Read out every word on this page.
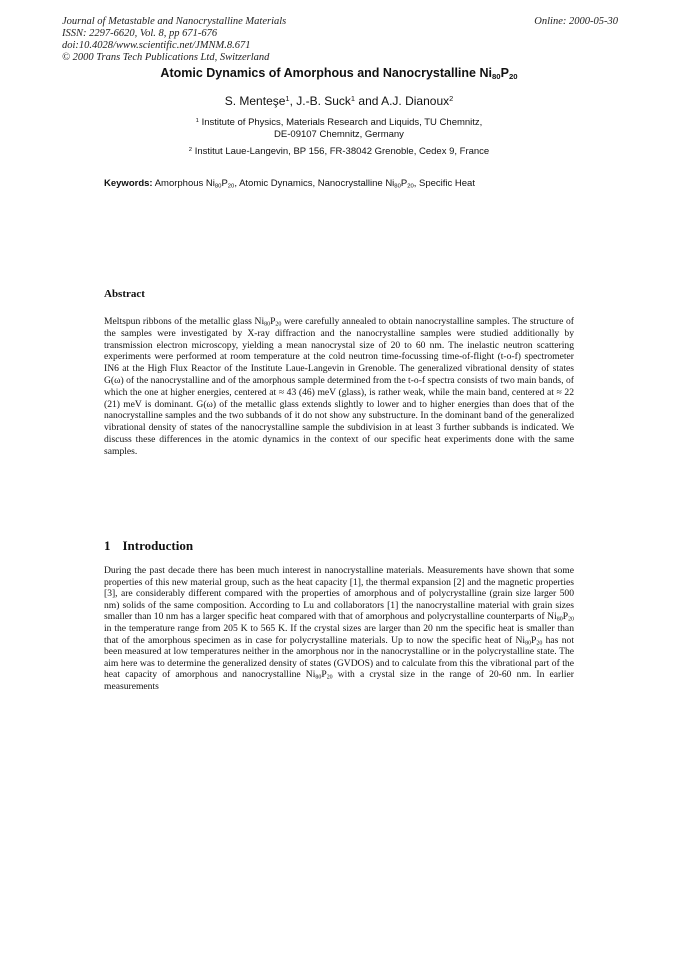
Journal of Metastable and Nanocrystalline Materials
ISSN: 2297-6620, Vol. 8, pp 671-676
doi:10.4028/www.scientific.net/JMNM.8.671
© 2000 Trans Tech Publications Ltd, Switzerland
Online: 2000-05-30
Atomic Dynamics of Amorphous and Nanocrystalline $Ni_{80}P_{20}$
S. Menteşe$^1$, J.-B. Suck$^1$ and A.J. Dianoux$^2$
$^1$ Institute of Physics, Materials Research and Liquids, TU Chemnitz,
DE-09107 Chemnitz, Germany
$^2$ Institut Laue-Langevin, BP 156, FR-38042 Grenoble, Cedex 9, France
Keywords: Amorphous $Ni_{80}P_{20}$, Atomic Dynamics, Nanocrystalline $Ni_{80}P_{20}$, Specific Heat
Abstract
Meltspun ribbons of the metallic glass $Ni_{80}P_{20}$ were carefully annealed to obtain nanocrystalline samples. The structure of the samples were investigated by X-ray diffraction and the nanocrystalline samples were studied additionally by transmission electron microscopy, yielding a mean nanocrystal size of 20 to 60 nm. The inelastic neutron scattering experiments were performed at room temperature at the cold neutron time-focussing time-of-flight (t-o-f) spectrometer IN6 at the High Flux Reactor of the Institute Laue-Langevin in Grenoble. The generalized vibrational density of states G(ω) of the nanocrystalline and of the amorphous sample determined from the t-o-f spectra consists of two main bands, of which the one at higher energies, centered at ≈ 43 (46) meV (glass), is rather weak, while the main band, centered at ≈ 22 (21) meV is dominant. G(ω) of the metallic glass extends slightly to lower and to higher energies than does that of the nanocrystalline samples and the two subbands of it do not show any substructure. In the dominant band of the generalized vibrational density of states of the nanocrystalline sample the subdivision in at least 3 further subbands is indicated. We discuss these differences in the atomic dynamics in the context of our specific heat experiments done with the same samples.
1 Introduction
During the past decade there has been much interest in nanocrystalline materials. Measurements have shown that some properties of this new material group, such as the heat capacity [1], the thermal expansion [2] and the magnetic properties [3], are considerably different compared with the properties of amorphous and of polycrystalline (grain size larger 500 nm) solids of the same composition. According to Lu and collaborators [1] the nanocrystalline material with grain sizes smaller than 10 nm has a larger specific heat compared with that of amorphous and polycrystalline counterparts of $Ni_{80}P_{20}$ in the temperature range from 205 K to 565 K. If the crystal sizes are larger than 20 nm the specific heat is smaller than that of the amorphous specimen as in case for polycrystalline materials. Up to now the specific heat of $Ni_{80}P_{20}$ has not been measured at low temperatures neither in the amorphous nor in the nanocrystalline or in the polycrystalline state. The aim here was to determine the generalized density of states (GVDOS) and to calculate from this the vibrational part of the heat capacity of amorphous and nanocrystalline $Ni_{80}P_{20}$ with a crystal size in the range of 20-60 nm. In earlier measurements
